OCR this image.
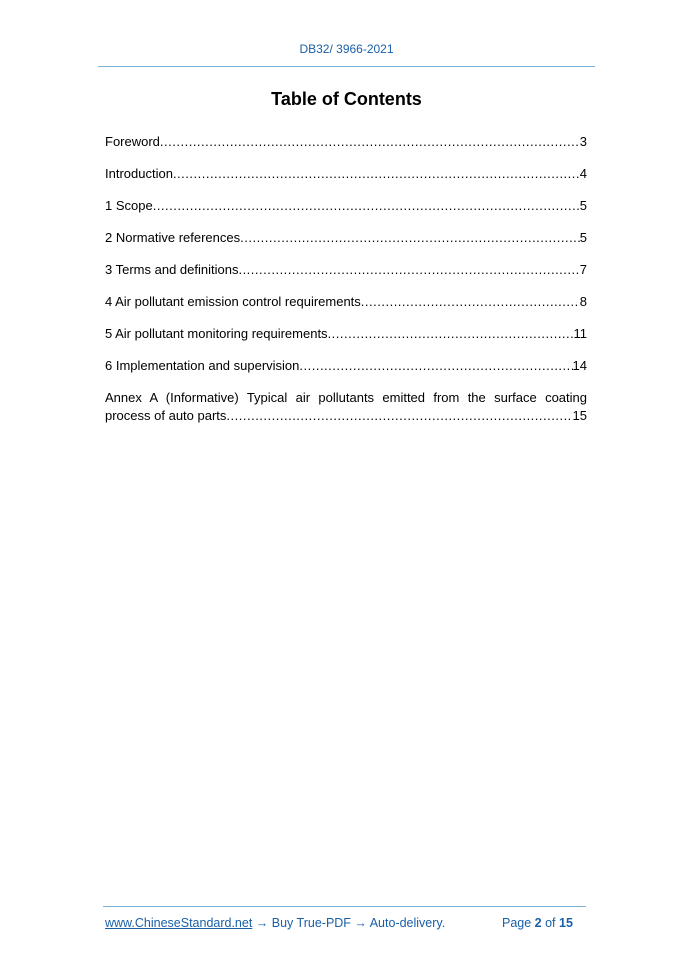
DB32/ 3966-2021
Table of Contents
Foreword .....	3
Introduction .....	4
1 Scope .....	5
2 Normative references .....	5
3 Terms and definitions .....	7
4 Air pollutant emission control requirements .....	8
5 Air pollutant monitoring requirements .....	11
6 Implementation and supervision .....	14
Annex A (Informative) Typical air pollutants emitted from the surface coating
process of auto parts .....	15
www.ChineseStandard.net → Buy True-PDF → Auto-delivery.	Page 2 of 15
